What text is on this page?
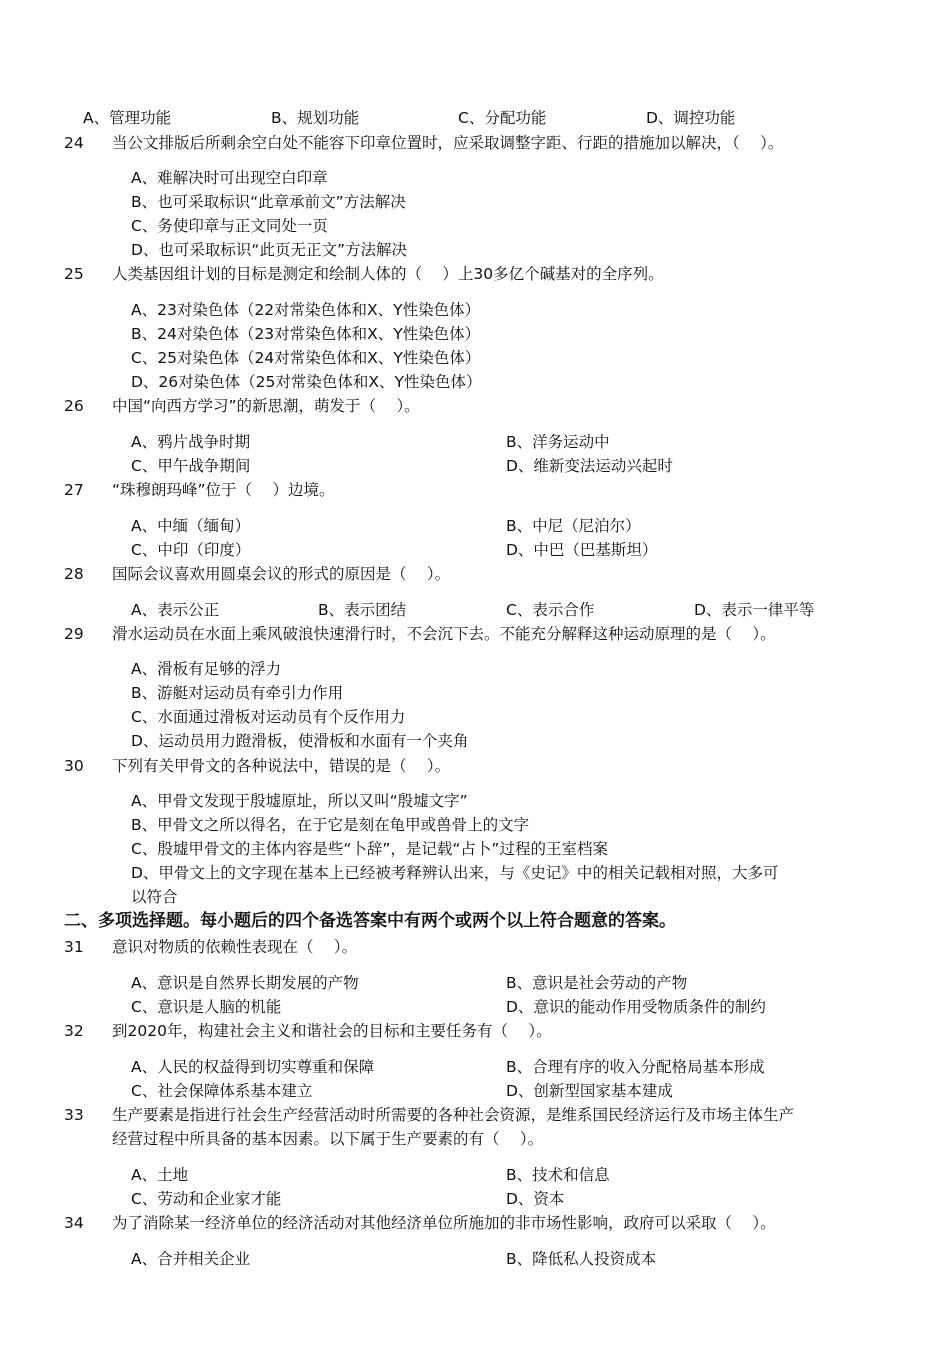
A、管理功能	B、规划功能	C、分配功能	D、调控功能
24 当公文排版后所剩余空白处不能容下印章位置时，应采取调整字距、行距的措施加以解决，（　 ）。
A、难解决时可出现空白印章
B、也可采取标识“此章承前文”方法解决
C、务使印章与正文同处一页
D、也可采取标识“此页无正文”方法解决
25 人类基因组计划的目标是测定和绘制人体的（　 ）上30多亿个碱基对的全序列。
A、23对染色体（22对常染色体和X、Y性染色体）
B、24对染色体（23对常染色体和X、Y性染色体）
C、25对染色体（24对常染色体和X、Y性染色体）
D、26对染色体（25对常染色体和X、Y性染色体）
26 中国“向西方学习”的新思潮，萌发于（　 ）。
A、鸦片战争时期	B、洋务运动中
C、甲午战争期间	D、维新变法运动兴起时
27 “珠穆朗玛峰”位于（　 ）边境。
A、中缅（缅甸）	B、中尼（尼泊尔）
C、中印（印度）	D、中巴（巴基斯坦）
28 国际会议喜欢用圆桌会议的形式的原因是（　 ）。
A、表示公正	B、表示团结	C、表示合作	D、表示一律平等
29 滑水运动员在水面上乘风破浪快速滑行时，不会沉下去。不能充分解释这种运动原理的是（　 ）。
A、滑板有足够的浮力
B、游艇对运动员有牵引力作用
C、水面通过滑板对运动员有个反作用力
D、运动员用力蹬滑板，使滑板和水面有一个夹角
30 下列有关甲骨文的各种说法中，错误的是（　 ）。
A、甲骨文发现于殷墟原址，所以又叫“殷墟文字”
B、甲骨文之所以得名，在于它是刻在龟甲或兽骨上的文字
C、殷墟甲骨文的主体内容是些“卜辞”，是记载“占卜”过程的王室档案
D、甲骨文上的文字现在基本上已经被考释辨认出来，与《史记》中的相关记载相对照，大多可
以符合
二、多项选择题。每小题后的四个备选答案中有两个或两个以上符合题意的答案。
31 意识对物质的依赖性表现在（　 ）。
A、意识是自然界长期发展的产物	B、意识是社会劳动的产物
C、意识是人脑的机能	D、意识的能动作用受物质条件的制约
32 到2020年，构建社会主义和谐社会的目标和主要任务有（　 ）。
A、人民的权益得到切实尊重和保障	B、合理有序的收入分配格局基本形成
C、社会保障体系基本建立	D、创新型国家基本建成
33 生产要素是指进行社会生产经营活动时所需要的各种社会资源，是维系国民经济运行及市场主体生产
经营过程中所具备的基本因素。以下属于生产要素的有（　 ）。
A、土地	B、技术和信息
C、劳动和企业家才能	D、资本
34 为了消除某一经济单位的经济活动对其他经济单位所施加的非市场性影响，政府可以采取（　 ）。
A、合并相关企业	B、降低私人投资成本
